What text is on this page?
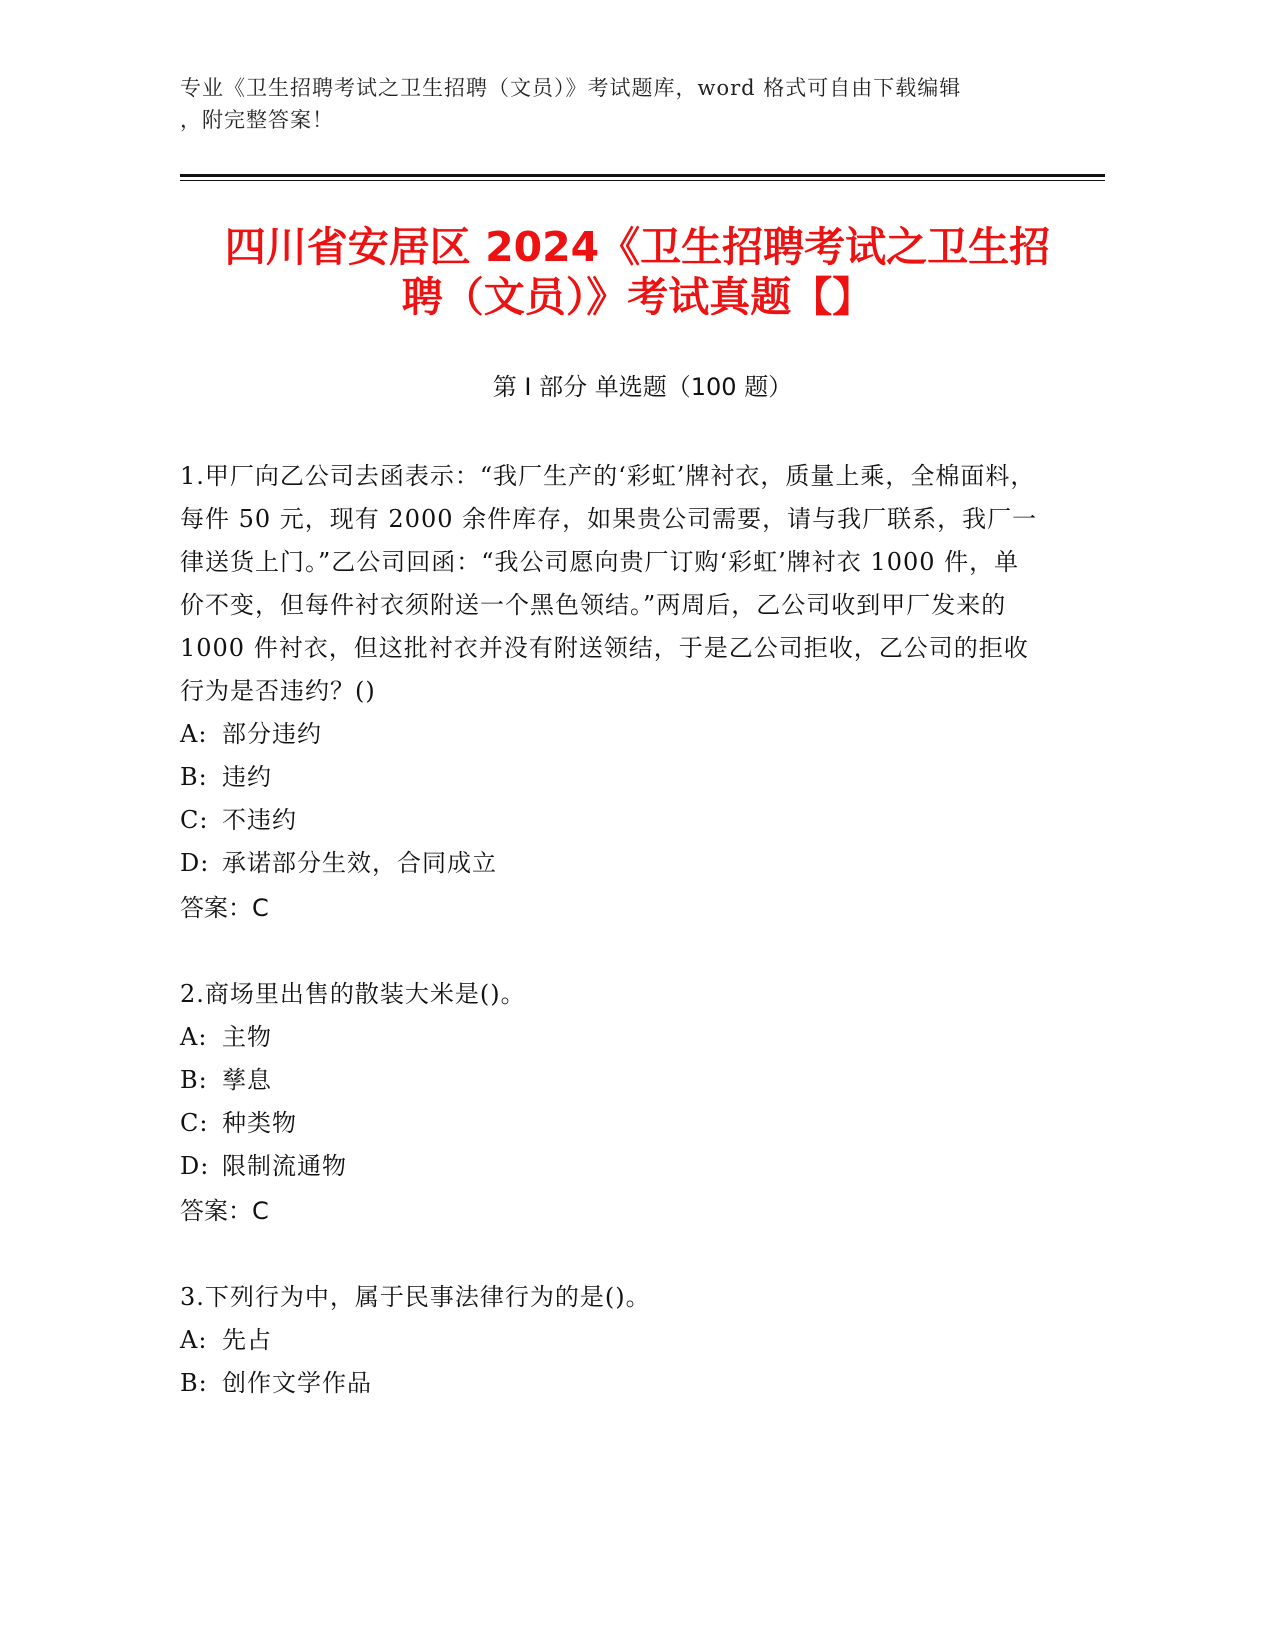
专业《卫生招聘考试之卫生招聘（文员）》考试题库，word 格式可自由下载编辑
，附完整答案！
四川省安居区 2024《卫生招聘考试之卫生招
聘（文员）》考试真题【】
第 I 部分 单选题（100 题）
1.甲厂向乙公司去函表示：“我厂生产的‘彩虹’牌衬衣，质量上乘，全棉面料，每件 50 元，现有 2000 余件库存，如果贵公司需要，请与我厂联系，我厂一律送货上门。”乙公司回函：“我公司愿向贵厂订购‘彩虹’牌衬衣 1000 件，单价不变，但每件衬衣须附送一个黑色领结。”两周后，乙公司收到甲厂发来的 1000 件衬衣，但这批衬衣并没有附送领结，于是乙公司拒收，乙公司的拒收行为是否违约？()
A: 部分违约
B: 违约
C: 不违约
D: 承诺部分生效，合同成立
答案：C
2.商场里出售的散装大米是()。
A: 主物
B: 孳息
C: 种类物
D: 限制流通物
答案：C
3.下列行为中，属于民事法律行为的是()。
A: 先占
B: 创作文学作品
